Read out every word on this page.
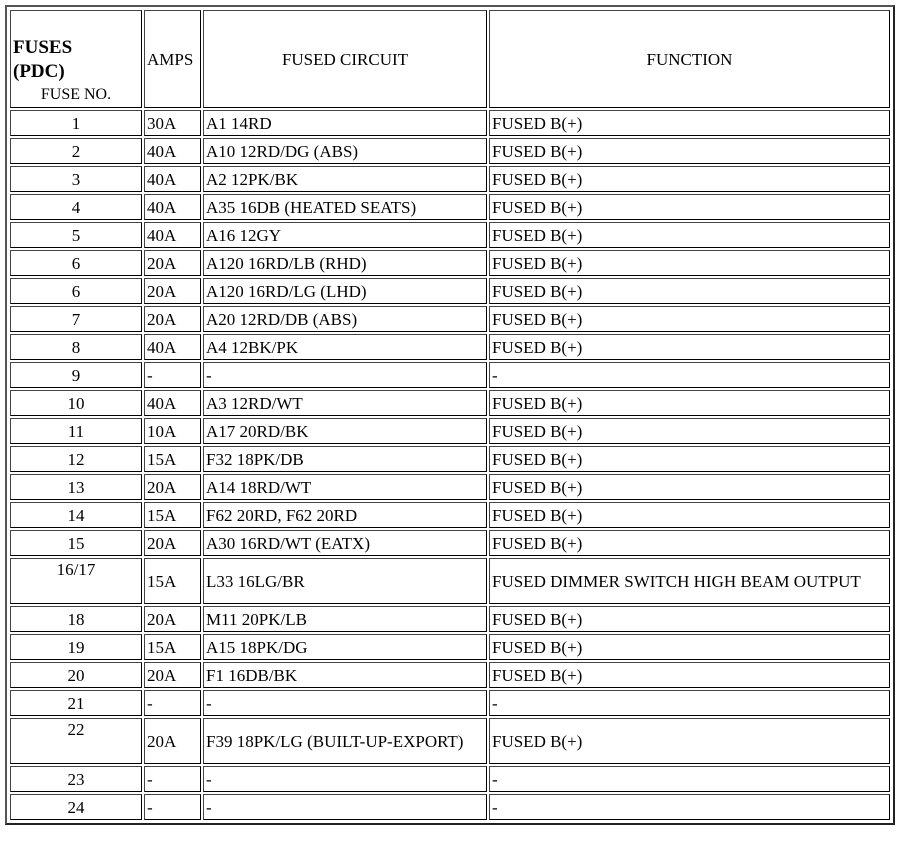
FUSES
(PDC)
FUSE NO.	AMPS	FUSED CIRCUIT	FUNCTION
1	30A	A1 14RD	FUSED B(+)
2	40A	A10 12RD/DG (ABS)	FUSED B(+)
3	40A	A2 12PK/BK	FUSED B(+)
4	40A	A35 16DB (HEATED SEATS)	FUSED B(+)
5	40A	A16 12GY	FUSED B(+)
6	20A	A120 16RD/LB (RHD)	FUSED B(+)
6	20A	A120 16RD/LG (LHD)	FUSED B(+)
7	20A	A20 12RD/DB (ABS)	FUSED B(+)
8	40A	A4 12BK/PK	FUSED B(+)
9	-	-	-
10	40A	A3 12RD/WT	FUSED B(+)
11	10A	A17 20RD/BK	FUSED B(+)
12	15A	F32 18PK/DB	FUSED B(+)
13	20A	A14 18RD/WT	FUSED B(+)
14	15A	F62 20RD, F62 20RD	FUSED B(+)
15	20A	A30 16RD/WT (EATX)	FUSED B(+)
16/17	15A	L33 16LG/BR	FUSED DIMMER SWITCH HIGH BEAM OUTPUT
18	20A	M11 20PK/LB	FUSED B(+)
19	15A	A15 18PK/DG	FUSED B(+)
20	20A	F1 16DB/BK	FUSED B(+)
21	-	-	-
22	20A	F39 18PK/LG (BUILT-UP-EXPORT)	FUSED B(+)
23	-	-	-
24	-	-	-
